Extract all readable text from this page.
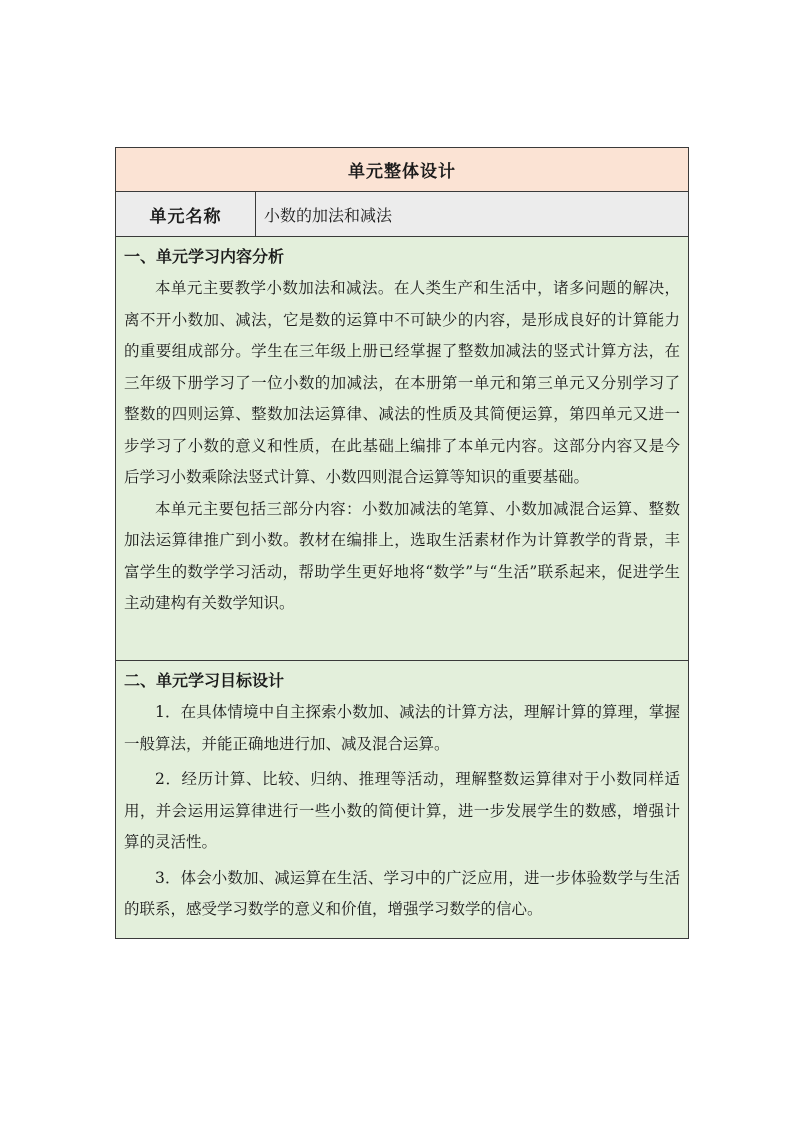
单元整体设计
单元名称	小数的加法和减法
一、单元学习内容分析

本单元主要教学小数加法和减法。在人类生产和生活中，诸多问题的解决，离不开小数加、减法，它是数的运算中不可缺少的内容，是形成良好的计算能力的重要组成部分。学生在三年级上册已经掌握了整数加减法的竖式计算方法，在三年级下册学习了一位小数的加减法，在本册第一单元和第三单元又分别学习了整数的四则运算、整数加法运算律、减法的性质及其简便运算，第四单元又进一步学习了小数的意义和性质，在此基础上编排了本单元内容。这部分内容又是今后学习小数乘除法竖式计算、小数四则混合运算等知识的重要基础。

本单元主要包括三部分内容：小数加减法的笔算、小数加减混合运算、整数加法运算律推广到小数。教材在编排上，选取生活素材作为计算教学的背景，丰富学生的数学学习活动，帮助学生更好地将“数学”与“生活”联系起来，促进学生主动建构有关数学知识。

二、单元学习目标设计

1．在具体情境中自主探索小数加、减法的计算方法，理解计算的算理，掌握一般算法，并能正确地进行加、减及混合运算。

2．经历计算、比较、归纳、推理等活动，理解整数运算律对于小数同样适用，并会运用运算律进行一些小数的简便计算，进一步发展学生的数感，增强计算的灵活性。

3．体会小数加、减运算在生活、学习中的广泛应用，进一步体验数学与生活的联系，感受学习数学的意义和价值，增强学习数学的信心。
